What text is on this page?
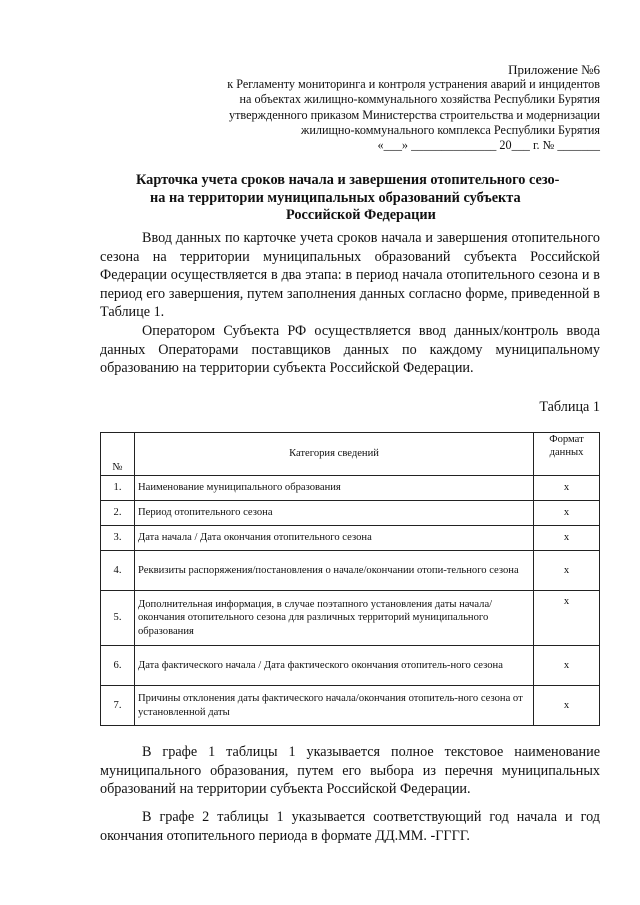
Приложение №6
к Регламенту мониторинга и контроля устранения аварий и инцидентов
на объектах жилищно-коммунального хозяйства Республики Бурятия
утвержденного приказом Министерства строительства и модернизации
жилищно-коммунального комплекса Республики Бурятия
«___» ______________ 20___ г. № _______
Карточка учета сроков начала и завершения отопительного сезо-
на на территории муниципальных образований субъекта
Российской Федерации
Ввод данных по карточке учета сроков начала и завершения отопительного сезона на территории муниципальных образований субъекта Российской Федерации осуществляется в два этапа: в период начала отопительного сезона и в период его завершения, путем заполнения данных согласно форме, приведенной в Таблице 1.
Оператором Субъекта РФ осуществляется ввод данных/контроль ввода данных Операторами поставщиков данных по каждому муниципальному образованию на территории субъекта Российской Федерации.
Таблица 1
№	Категория сведений	Формат
данных

1.	Наименование муниципального образования	x
2.	Период отопительного сезона	x
3.	Дата начала / Дата окончания отопительного сезона	x
4.	Реквизиты распоряжения/постановления о начале/окончании отопи-тельного сезона	x
5.	Дополнительная информация, в случае поэтапного установления даты начала/окончания отопительного сезона для различных территорий муниципального образования	x
6.	Дата фактического начала / Дата фактического окончания отопитель-ного сезона	x
7.	Причины отклонения даты фактического начала/окончания отопитель-ного сезона от установленной даты	x
В графе 1 таблицы 1 указывается полное текстовое наименование муниципального образования, путем его выбора из перечня муниципальных образований на территории субъекта Российской Федерации.
В графе 2 таблицы 1 указывается соответствующий год начала и год окончания отопительного периода в формате ДД.ММ. -ГГГГ.
